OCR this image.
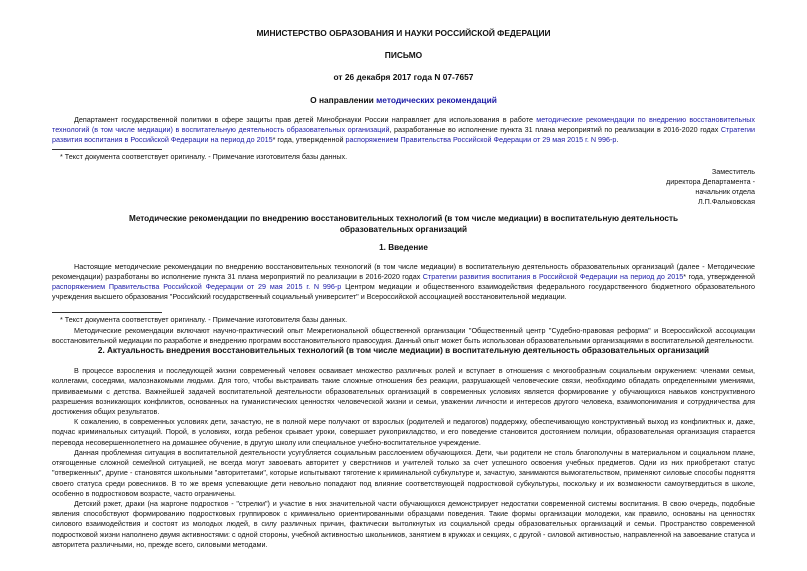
МИНИСТЕРСТВО ОБРАЗОВАНИЯ И НАУКИ РОССИЙСКОЙ ФЕДЕРАЦИИ
ПИСЬМО
от 26 декабря 2017 года N 07-7657
О направлении методических рекомендаций

Департамент государственной политики в сфере защиты прав детей Минобрнауки России направляет для использования в работе методические рекомендации по внедрению восстановительных технологий (в том числе медиации) в воспитательную деятельность образовательных организаций, разработанные во исполнение пункта 31 плана мероприятий по реализации в 2016-2020 годах Стратегии развития воспитания в Российской Федерации на период до 2015* года, утвержденной распоряжением Правительства Российской Федерации от 29 мая 2015 г. N 996-р.

* Текст документа соответствует оригиналу. - Примечание изготовителя базы данных.

Заместитель
директора Департамента -
начальник отдела
Л.П.Фальковская
Методические рекомендации по внедрению восстановительных технологий (в том числе медиации) в воспитательную деятельность образовательных организаций
1. Введение

Настоящие методические рекомендации по внедрению восстановительных технологий (в том числе медиации) в воспитательную деятельность образовательных организаций (далее - Методические рекомендации) разработаны во исполнение пункта 31 плана мероприятий по реализации в 2016-2020 годах Стратегии развития воспитания в Российской Федерации на период до 2015* года, утвержденной распоряжением Правительства Российской Федерации от 29 мая 2015 г. N 996-р Центром медиации и общественного взаимодействия федерального государственного бюджетного образовательного учреждения высшего образования "Российский государственный социальный университет" и Всероссийской ассоциацией восстановительной медиации.

* Текст документа соответствует оригиналу. - Примечание изготовителя базы данных.

Методические рекомендации включают научно-практический опыт Межрегиональной общественной организации "Общественный центр "Судебно-правовая реформа" и Всероссийской ассоциации восстановительной медиации по разработке и внедрению программ восстановительного правосудия. Данный опыт может быть использован образовательными организациями в воспитательной деятельности.

2. Актуальность внедрения восстановительных технологий (в том числе медиации) в воспитательную деятельность образовательных организаций

В процессе взросления и последующей жизни современный человек осваивает множество различных ролей и вступает в отношения с многообразным социальным окружением: членами семьи, коллегами, соседями, малознакомыми людьми. Для того, чтобы выстраивать такие сложные отношения без реакции, разрушающей человеческие связи, необходимо обладать определенными умениями, прививаемыми с детства. Важнейшей задачей воспитательной деятельности образовательных организаций в современных условиях является формирование у обучающихся навыков конструктивного разрешения возникающих конфликтов, основанных на гуманистических ценностях человеческой жизни и семьи, уважении личности и интересов другого человека, взаимопонимания и сотрудничества для достижения общих результатов.

К сожалению, в современных условиях дети, зачастую, не в полной мере получают от взрослых (родителей и педагогов) поддержку, обеспечивающую конструктивный выход из конфликтных и, даже, подчас криминальных ситуаций. Порой, в условиях, когда ребенок срывает уроки, совершает рукоприкладство, и его поведение становится достоянием полиции, образовательная организация старается перевода несовершеннолетнего на домашнее обучение, в другую школу или специальное учебно-воспитательное учреждение.

Данная проблемная ситуация в воспитательной деятельности усугубляется социальным расслоением обучающихся. Дети, чьи родители не столь благополучны в материальном и социальном плане, отягощенные сложной семейной ситуацией, не всегда могут завоевать авторитет у сверстников и учителей только за счет успешного освоения учебных предметов. Одни из них приобретают статус "отверженных", другие - становятся школьными "авторитетами", которые испытывают тяготение к криминальной субкультуре и, зачастую, занимаются вымогательством, применяют силовые способы подняття своего статуса среди ровесников. В то же время успевающие дети невольно попадают под влияние соответствующей подростковой субкультуры, поскольку и их возможности самоутвердиться в школе, особенно в подростковом возрасте, часто ограничены.

Детский рэкет, драки (на жаргоне подростков - "стрелки") и участие в них значительной части обучающихся демонстрирует недостатки современной системы воспитания. В свою очередь, подобные явления способствуют формированию подростковых группировок с криминально ориентированными образцами поведения. Такие формы организации молодежи, как правило, основаны на ценностях силового взаимодействия и состоят из молодых людей, в силу различных причин, фактически вытолкнутых из социальной среды образовательных организаций и семьи. Пространство современной подростковой жизни наполнено двумя активностями: с одной стороны, учебной активностью школьников, занятием в кружках и секциях, с другой - силовой активностью, направленной на завоевание статуса и авторитета различными, но, прежде всего, силовыми методами.
